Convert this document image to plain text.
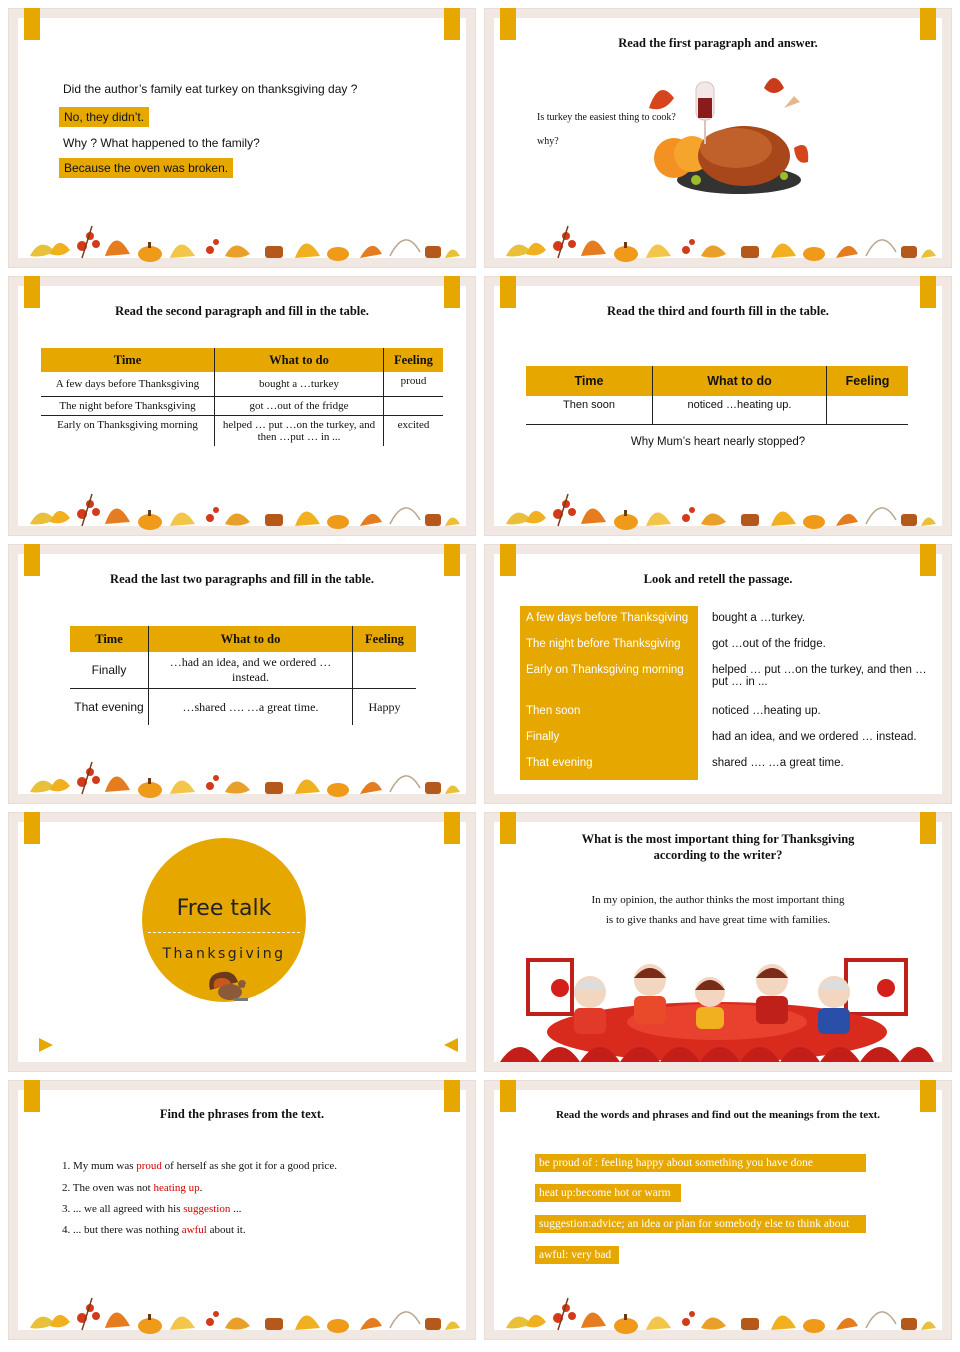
Did the author’s family eat turkey on thanksgiving day ?
No, they didn’t.
Why ? What happened to the family?
Because the oven was broken.
Read the first paragraph and answer.
Is turkey the easiest thing to cook?
why?
Read the second paragraph and fill in the table.
Time	What to do	Feeling
A few days before Thanksgiving	bought a …turkey	proud
The night before Thanksgiving	got …out of the fridge	
Early on Thanksgiving morning	helped … put …on the turkey, and then …put … in ...	excited
Read the third and fourth fill in the table.
Time	What to do	Feeling
Then soon	noticed …heating up.	
Why Mum’s heart nearly stopped?
Read the last two paragraphs and fill in the table.
Time	What to do	Feeling
Finally	…had an idea, and we ordered … instead.	
That evening	…shared …. …a great time.	Happy
Look and retell the passage.
A few days before Thanksgiving	bought a …turkey.
The night before Thanksgiving	got …out of the fridge.
Early on Thanksgiving morning	helped … put …on the turkey, and then …put … in ...
Then soon	noticed …heating up.
Finally	had an idea, and we ordered … instead.
That evening	shared …. …a great time.
Free talk
Thanksgiving
What is the most important thing for Thanksgiving
according to the writer?
In my opinion, the author thinks the most important thing
is to give thanks and have great time with families.
Find the phrases from the text.
1. My mum was proud of herself as she got it for a good price.
2. The oven was not heating up.
3. ... we all agreed with his suggestion ...
4. ... but there was nothing awful about it.
Read the words and phrases and find out the meanings from the text.
be proud of : feeling happy about something you have done
heat up:become hot or warm
suggestion:advice; an idea or plan for somebody else to think about
awful: very bad
